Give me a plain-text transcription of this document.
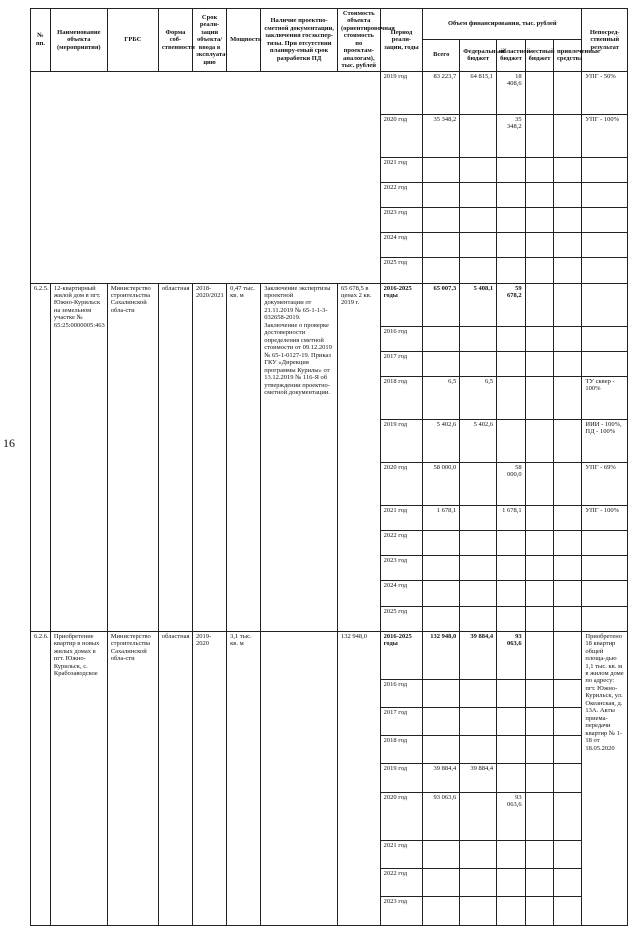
16
№ пп.	Наименование объекта (мероприятия)	ГРБС	Форма соб-ственности	Срок реали-зации объекта/ввода в эксплуата-цию	Мощность	Наличие проектно-сметной документации, заключения госэкспер-тизы. При отсутствии планиру-емый срок разработки ПД	Стоимость объекта (ориентировочная стоимость по проектам-аналогам), тыс. рублей	Период реали-зации, годы	Объем финансирования, тыс. рублей					Непосред-ственный результат
									Всего	Федеральный бюджет	областной бюджет	местный бюджет	привлеченные средства	
								2019 год	83 223,7	64 815,1	18 408,6			УПГ - 50%
								2020 год	35 348,2		35 348,2			УПГ - 100%
								2021 год						
								2022 год						
								2023 год						
								2024 год						
								2025 год						
6.2.5.	12-квартирный жилой дом в пгт. Южно-Курильск на земельном участке № 65:25:0000005:463	Министерство строительства Сахалинской обла-сти	областная	2018-2020/2021	0,47 тыс. кв. м	Заключение экспертизы проектной документации от 21.11.2019 № 65-1-1-3-032658-2019. Заключение о проверке достоверности определения сметной стоимости от 09.12.2019 № 65-1-0127-19. Приказ ГКУ «Дирекция программы Курилы» от 13.12.2019 № 116-Я об утверждении проектно-сметной документации.	65 678,5 в ценах 2 кв. 2019 г.	2016-2025 годы	65 007,3	5 408,1	59 678,2			
								2016 год						
								2017 год						
								2018 год	6,5	6,5				ТУ сквер - 100%
								2019 год	5 402,6	5 402,6				ИИИ - 100%, ПД - 100%
								2020 год	58 000,0		58 000,0			УПГ - 69%
								2021 год	1 678,1		1 678,1			УПГ - 100%
								2022 год						
								2023 год						
								2024 год						
								2025 год						
6.2.6.	Приобретение квартир в новых жилых домах в пгт. Южно-Курильск, с. Крабозаводское	Министерство строительства Сахалинской обла-сти	областная	2019-2020	3,1 тыс. кв. м		132 948,0	2016-2025 годы	132 948,0	39 884,4	93 063,6			Приобретено 18 квартир общей площа-дью 1,1 тыс. кв. м в жилом доме по адресу: пгт. Южно-Курильск, ул. Океанская, д. 13А. Акты приема-передачи квартир № 1-18 от 18.05.2020
								2016 год						
								2017 год						
								2018 год						
								2019 год	39 884,4	39 884,4				
								2020 год	93 063,6		93 063,6			
								2021 год						
								2022 год						
								2023 год						
